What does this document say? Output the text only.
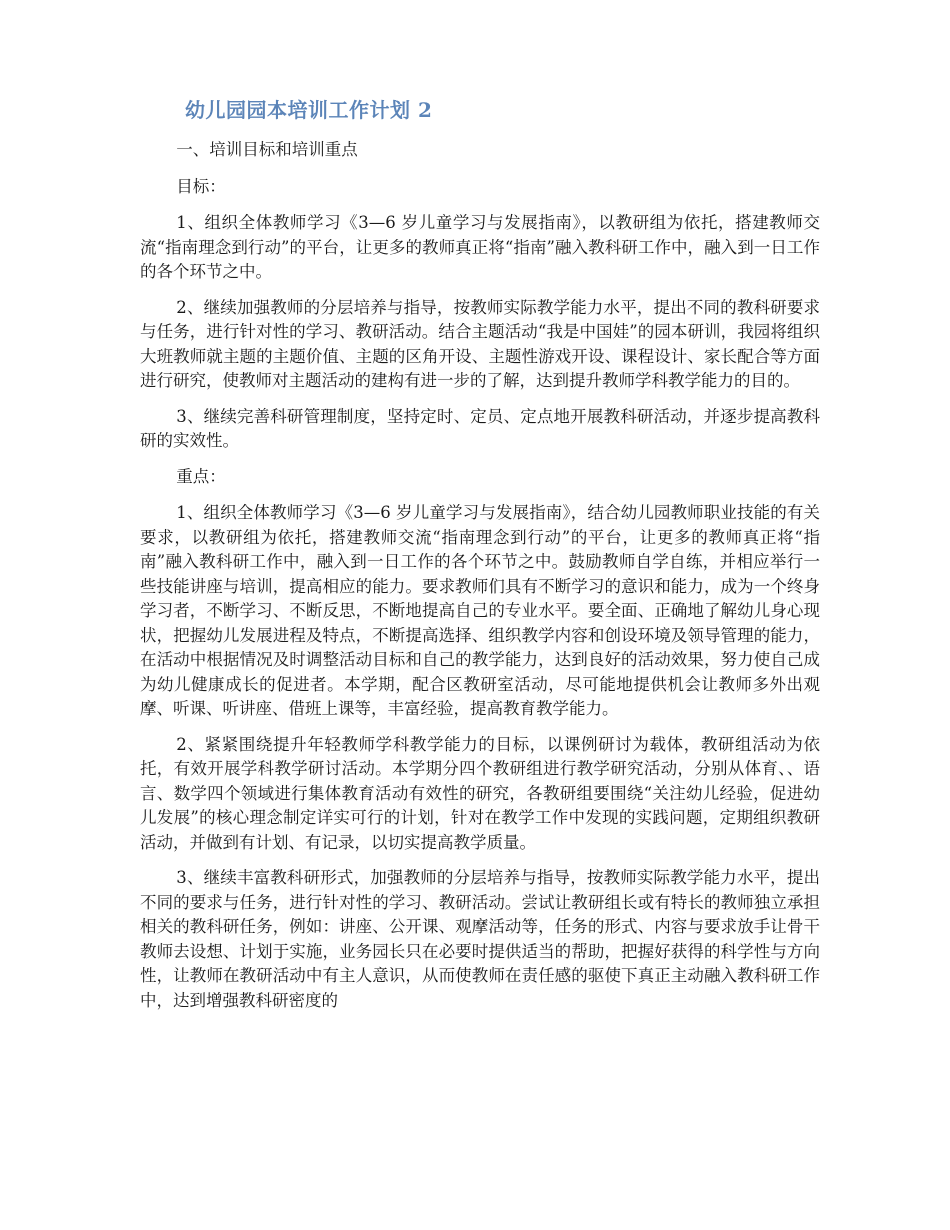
幼儿园园本培训工作计划 2

一、培训目标和培训重点

目标：

1、组织全体教师学习《3—6 岁儿童学习与发展指南》，以教研组为依托，搭建教师交流“指南理念到行动”的平台，让更多的教师真正将“指南”融入教科研工作中，融入到一日工作的各个环节之中。

2、继续加强教师的分层培养与指导，按教师实际教学能力水平，提出不同的教科研要求与任务，进行针对性的学习、教研活动。结合主题活动“我是中国娃”的园本研训，我园将组织大班教师就主题的主题价值、主题的区角开设、主题性游戏开设、课程设计、家长配合等方面进行研究，使教师对主题活动的建构有进一步的了解，达到提升教师学科教学能力的目的。

3、继续完善科研管理制度，坚持定时、定员、定点地开展教科研活动，并逐步提高教科研的实效性。

重点：

1、组织全体教师学习《3—6 岁儿童学习与发展指南》，结合幼儿园教师职业技能的有关要求，以教研组为依托，搭建教师交流“指南理念到行动”的平台，让更多的教师真正将“指南”融入教科研工作中，融入到一日工作的各个环节之中。鼓励教师自学自练，并相应举行一些技能讲座与培训，提高相应的能力。要求教师们具有不断学习的意识和能力，成为一个终身学习者，不断学习、不断反思，不断地提高自己的专业水平。要全面、正确地了解幼儿身心现状，把握幼儿发展进程及特点，不断提高选择、组织教学内容和创设环境及领导管理的能力，在活动中根据情况及时调整活动目标和自己的教学能力，达到良好的活动效果，努力使自己成为幼儿健康成长的促进者。本学期，配合区教研室活动，尽可能地提供机会让教师多外出观摩、听课、听讲座、借班上课等，丰富经验，提高教育教学能力。

2、紧紧围绕提升年轻教师学科教学能力的目标，以课例研讨为载体，教研组活动为依托，有效开展学科教学研讨活动。本学期分四个教研组进行教学研究活动，分别从体育、、语言、数学四个领域进行集体教育活动有效性的研究，各教研组要围绕“关注幼儿经验，促进幼儿发展”的核心理念制定详实可行的计划，针对在教学工作中发现的实践问题，定期组织教研活动，并做到有计划、有记录，以切实提高教学质量。

3、继续丰富教科研形式，加强教师的分层培养与指导，按教师实际教学能力水平，提出不同的要求与任务，进行针对性的学习、教研活动。尝试让教研组长或有特长的教师独立承担相关的教科研任务，例如：讲座、公开课、观摩活动等，任务的形式、内容与要求放手让骨干教师去设想、计划于实施，业务园长只在必要时提供适当的帮助，把握好获得的科学性与方向性，让教师在教研活动中有主人意识，从而使教师在责任感的驱使下真正主动融入教科研工作中，达到增强教科研密度的
